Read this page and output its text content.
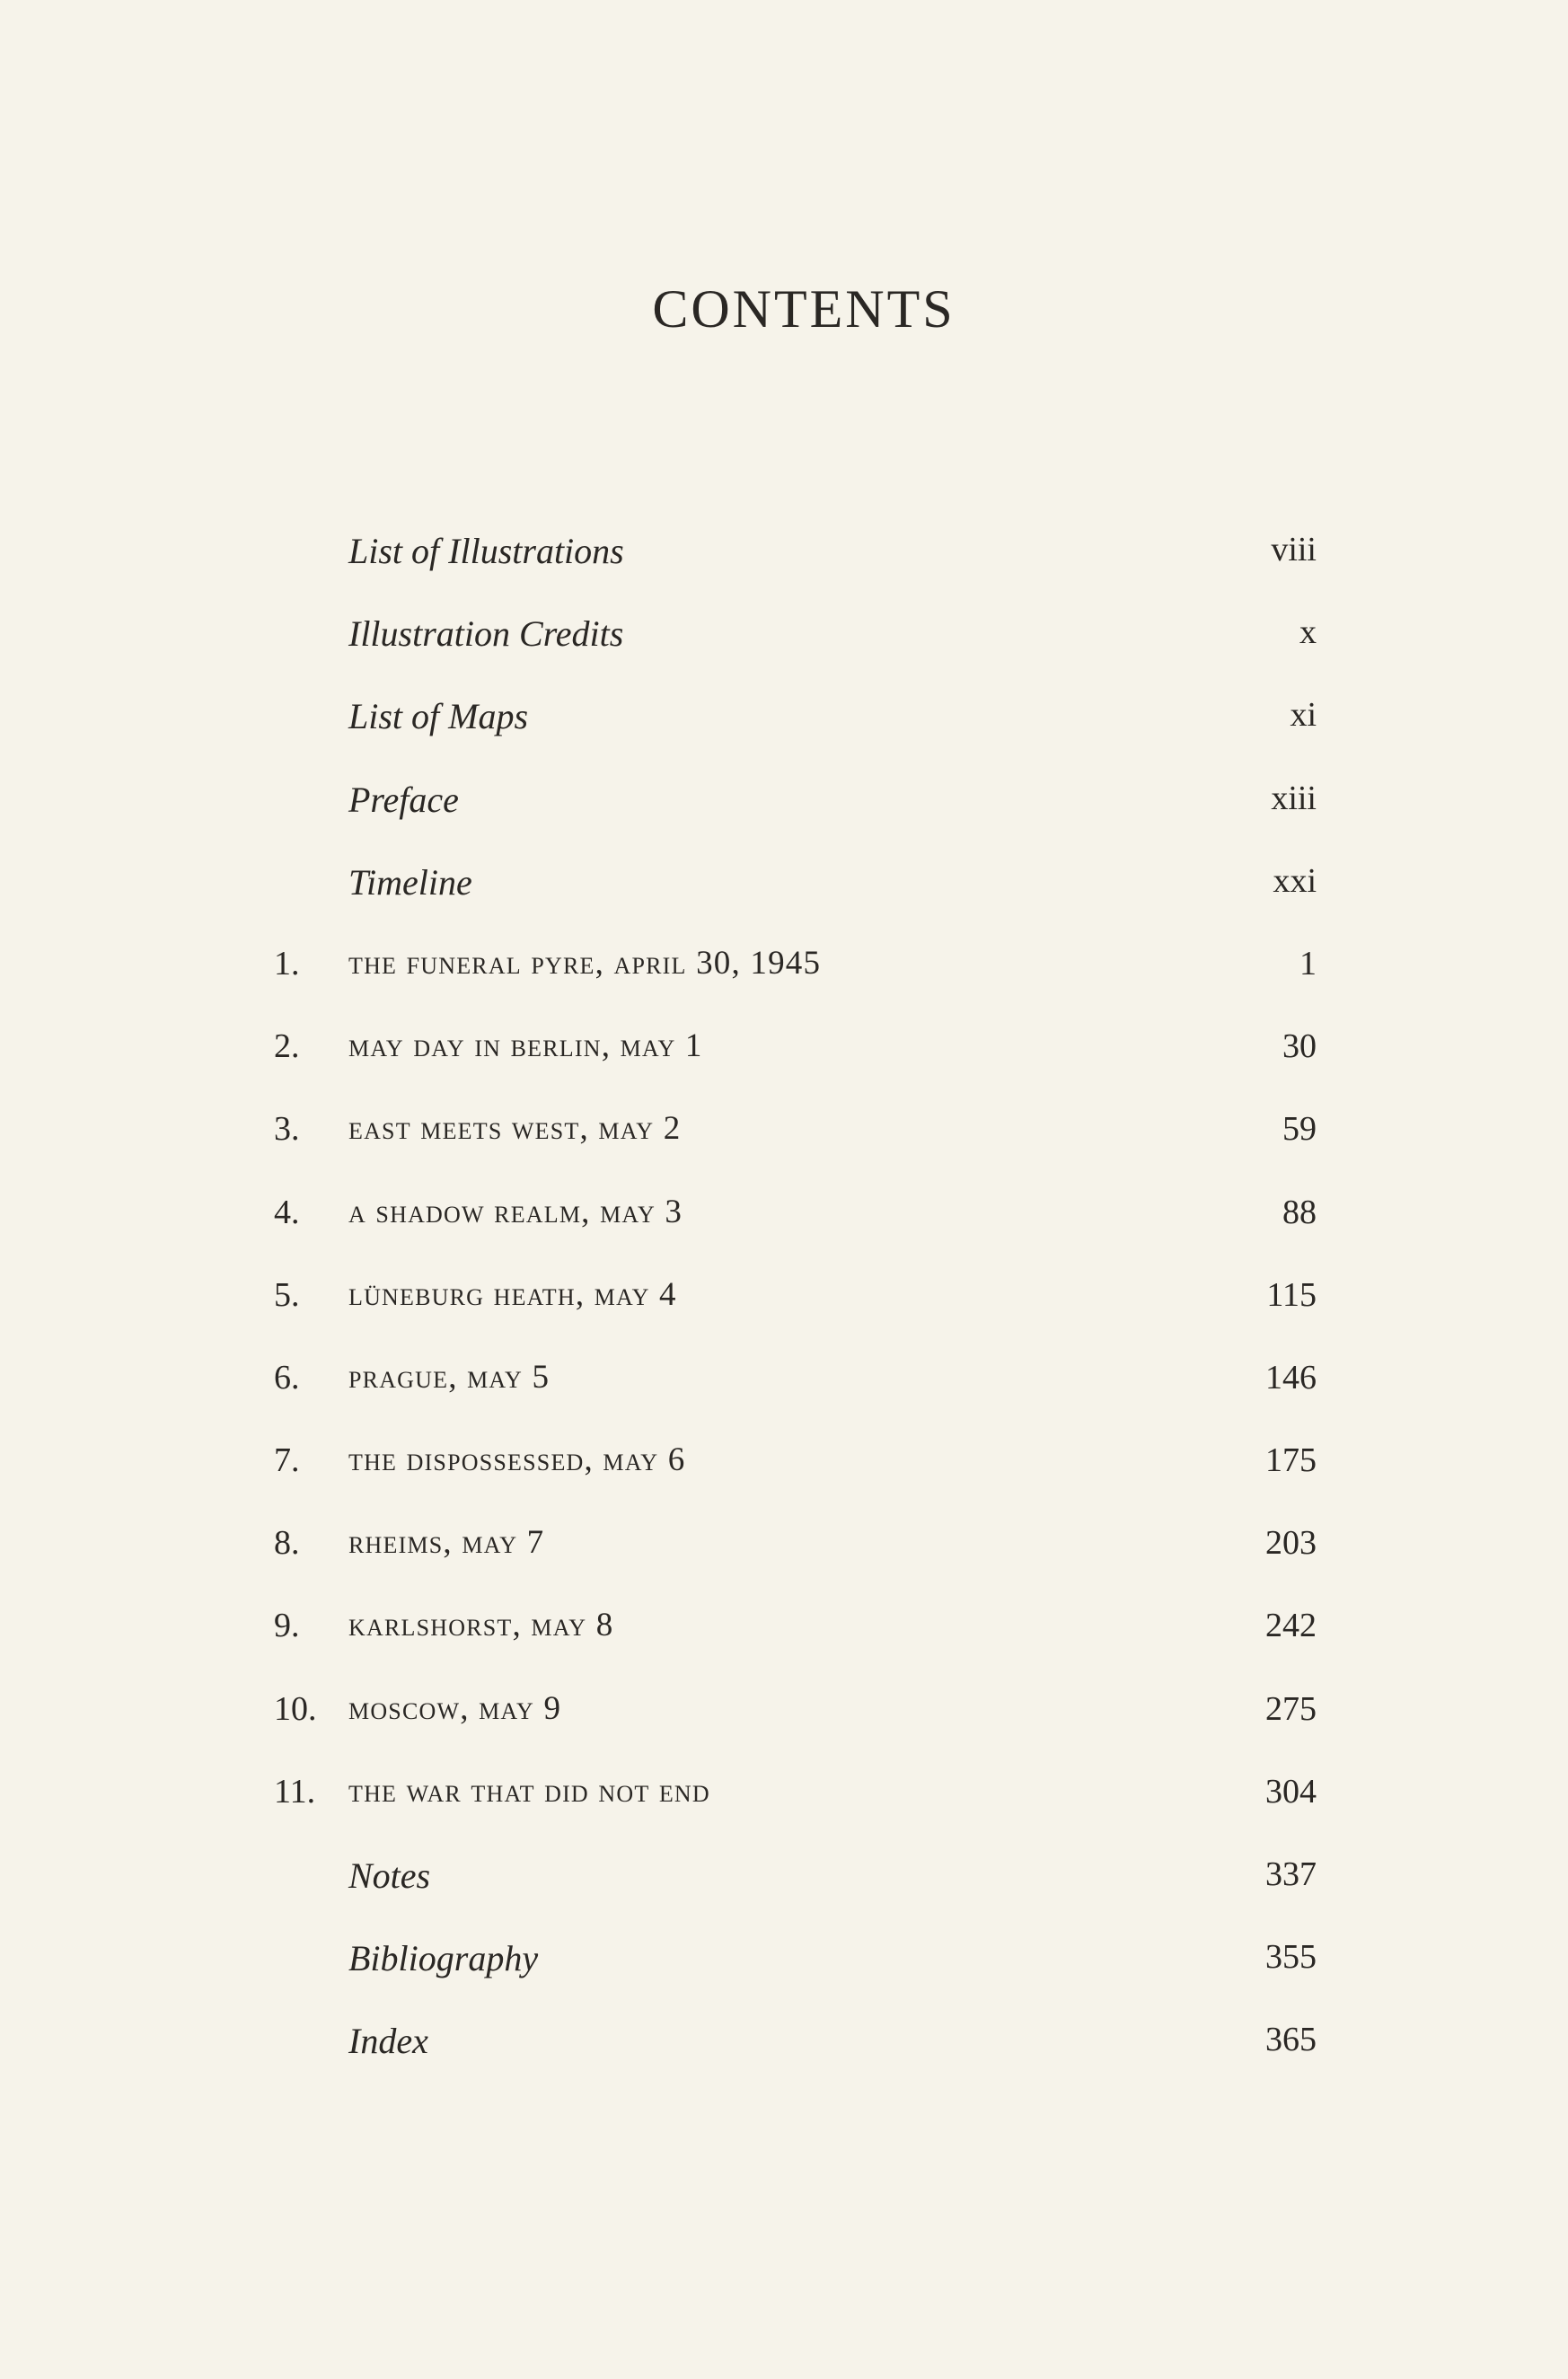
CONTENTS
List of Illustrations	viii
Illustration Credits	x
List of Maps	xi
Preface	xiii
Timeline	xxi
1. the funeral pyre, april 30, 1945	1
2. may day in berlin, may 1	30
3. east meets west, may 2	59
4. a shadow realm, may 3	88
5. lüneburg heath, may 4	115
6. prague, may 5	146
7. the dispossessed, may 6	175
8. rheims, may 7	203
9. karlshorst, may 8	242
10. moscow, may 9	275
11. the war that did not end	304
Notes	337
Bibliography	355
Index	365
